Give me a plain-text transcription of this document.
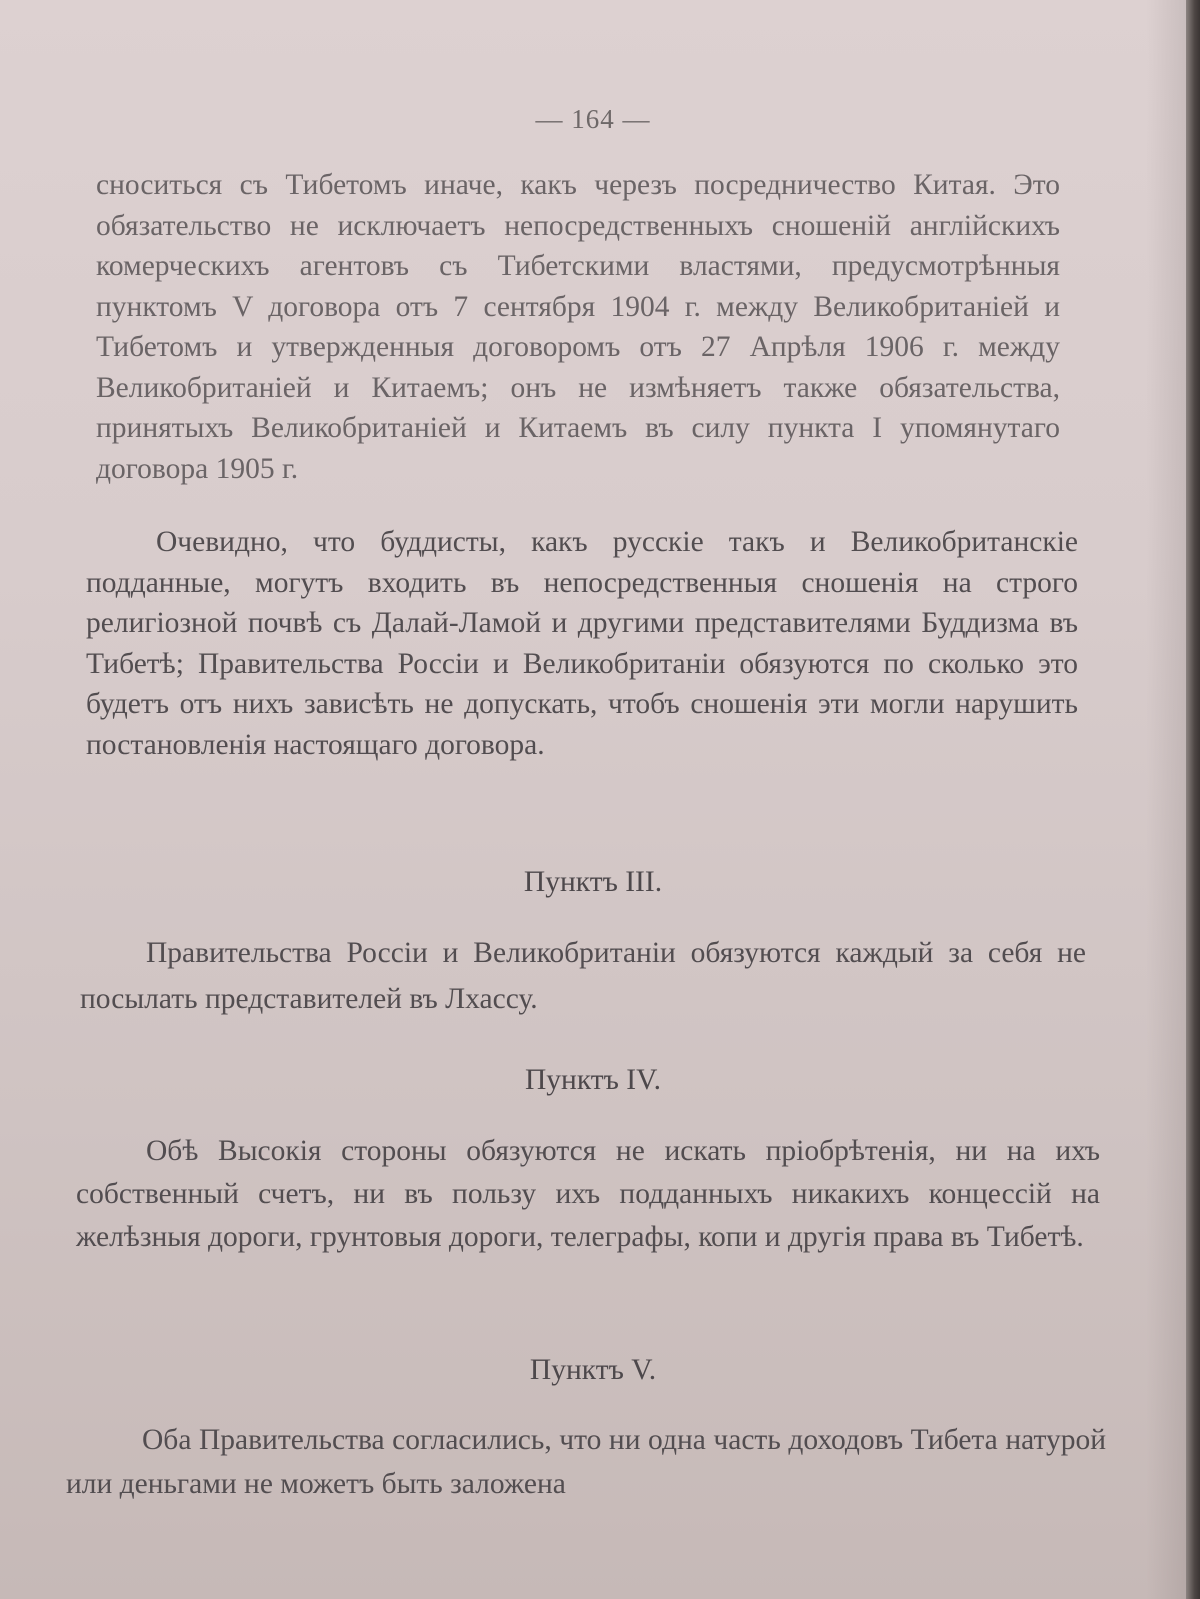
— 164 —

сноситься съ Тибетомъ иначе, какъ черезъ посредничество Китая. Это обязательство не исключаетъ непосредственныхъ сношеній англійскихъ комерческихъ агентовъ съ Тибетскими властями, предусмотрѣнныя пунктомъ V договора отъ 7 сентября 1904 г. между Великобританіей и Тибетомъ и утвержденныя договоромъ отъ 27 Апрѣля 1906 г. между Великобританіей и Китаемъ; онъ не измѣняетъ также обязательства, принятыхъ Великобританіей и Китаемъ въ силу пункта I упомянутаго договора 1905 г.

Очевидно, что буддисты, какъ русскіе такъ и Великобританскіе подданные, могутъ входить въ непосредственныя сношенія на строго религіозной почвѣ съ Далай-Ламой и другими представителями Буддизма въ Тибетѣ; Правительства Россіи и Великобританіи обязуются по сколько это будетъ отъ нихъ зависѣть не допускать, чтобъ сношенія эти могли нарушить постановленія настоящаго договора.

Пунктъ III.

Правительства Россіи и Великобританіи обязуются каждый за себя не посылать представителей въ Лхассу.

Пунктъ IV.

Обѣ Высокія стороны обязуются не искать пріобрѣтенія, ни на ихъ собственный счетъ, ни въ пользу ихъ подданныхъ никакихъ концессій на желѣзныя дороги, грунтовыя дороги, телеграфы, копи и другія права въ Тибетѣ.

Пунктъ V.

Оба Правительства согласились, что ни одна часть доходовъ Тибета натурой или деньгами не можетъ быть заложена
